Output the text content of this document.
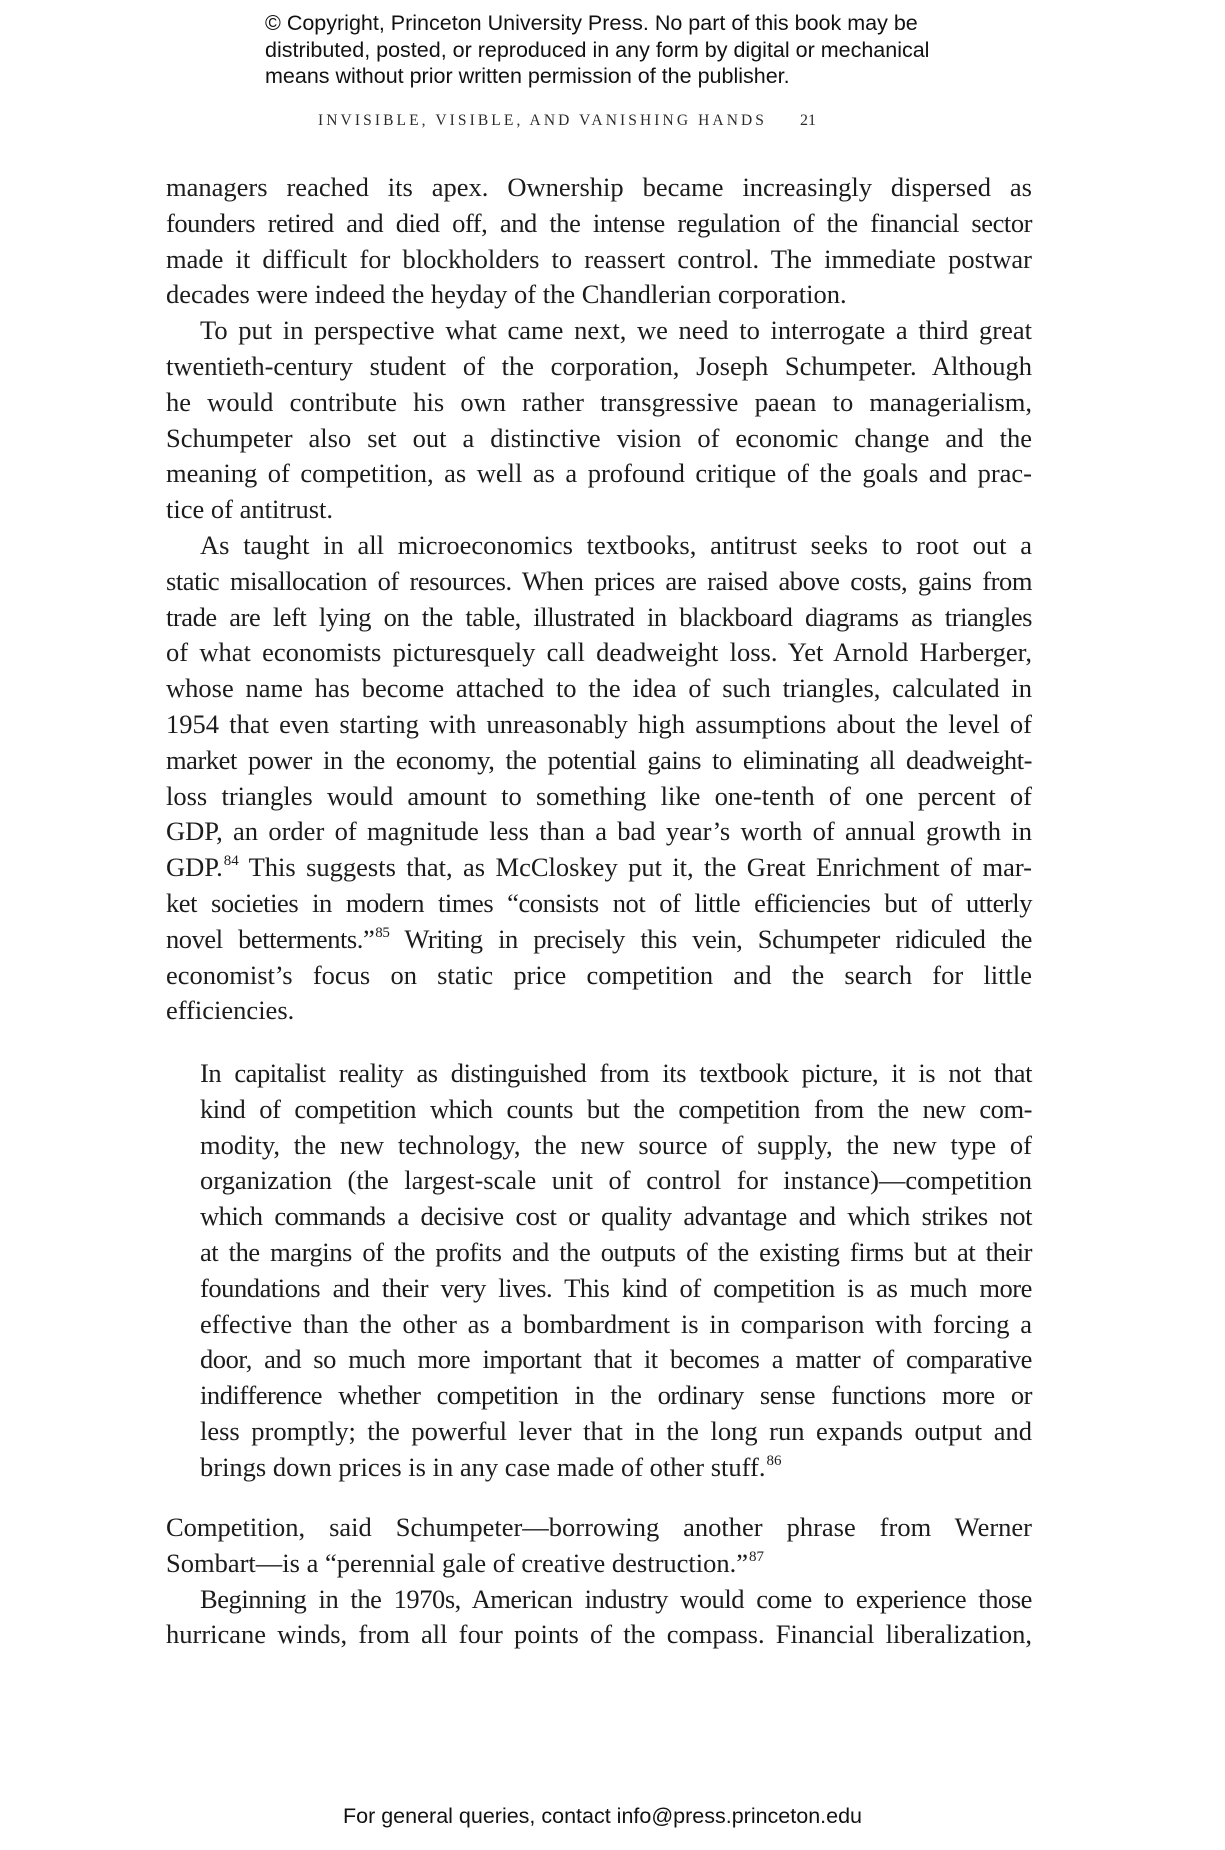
© Copyright, Princeton University Press. No part of this book may be
distributed, posted, or reproduced in any form by digital or mechanical
means without prior written permission of the publisher.
INVISIBLE, VISIBLE, AND VANISHING HANDS 21
managers reached its apex. Ownership became increasingly dispersed as
founders retired and died off, and the intense regulation of the financial sector
made it difficult for blockholders to reassert control. The immediate postwar
decades were indeed the heyday of the Chandlerian corporation.
To put in perspective what came next, we need to interrogate a third great
twentieth-century student of the corporation, Joseph Schumpeter. Although
he would contribute his own rather transgressive paean to managerialism,
Schumpeter also set out a distinctive vision of economic change and the
meaning of competition, as well as a profound critique of the goals and prac-
tice of antitrust.
As taught in all microeconomics textbooks, antitrust seeks to root out a
static misallocation of resources. When prices are raised above costs, gains from
trade are left lying on the table, illustrated in blackboard diagrams as triangles
of what economists picturesquely call deadweight loss. Yet Arnold Harberger,
whose name has become attached to the idea of such triangles, calculated in
1954 that even starting with unreasonably high assumptions about the level of
market power in the economy, the potential gains to eliminating all deadweight-
loss triangles would amount to something like one-tenth of one percent of
GDP, an order of magnitude less than a bad year’s worth of annual growth in
GDP.$^{84}$ This suggests that, as McCloskey put it, the Great Enrichment of mar-
ket societies in modern times “consists not of little efficiencies but of utterly
novel betterments.”$^{85}$ Writing in precisely this vein, Schumpeter ridiculed the
economist’s focus on static price competition and the search for little
efficiencies.
In capitalist reality as distinguished from its textbook picture, it is not that
kind of competition which counts but the competition from the new com-
modity, the new technology, the new source of supply, the new type of
organization (the largest-scale unit of control for instance)—competition
which commands a decisive cost or quality advantage and which strikes not
at the margins of the profits and the outputs of the existing firms but at their
foundations and their very lives. This kind of competition is as much more
effective than the other as a bombardment is in comparison with forcing a
door, and so much more important that it becomes a matter of comparative
indifference whether competition in the ordinary sense functions more or
less promptly; the powerful lever that in the long run expands output and
brings down prices is in any case made of other stuff.$^{86}$
Competition, said Schumpeter—borrowing another phrase from Werner
Sombart—is a “perennial gale of creative destruction.”$^{87}$
Beginning in the 1970s, American industry would come to experience those
hurricane winds, from all four points of the compass. Financial liberalization,
For general queries, contact info@press.princeton.edu
